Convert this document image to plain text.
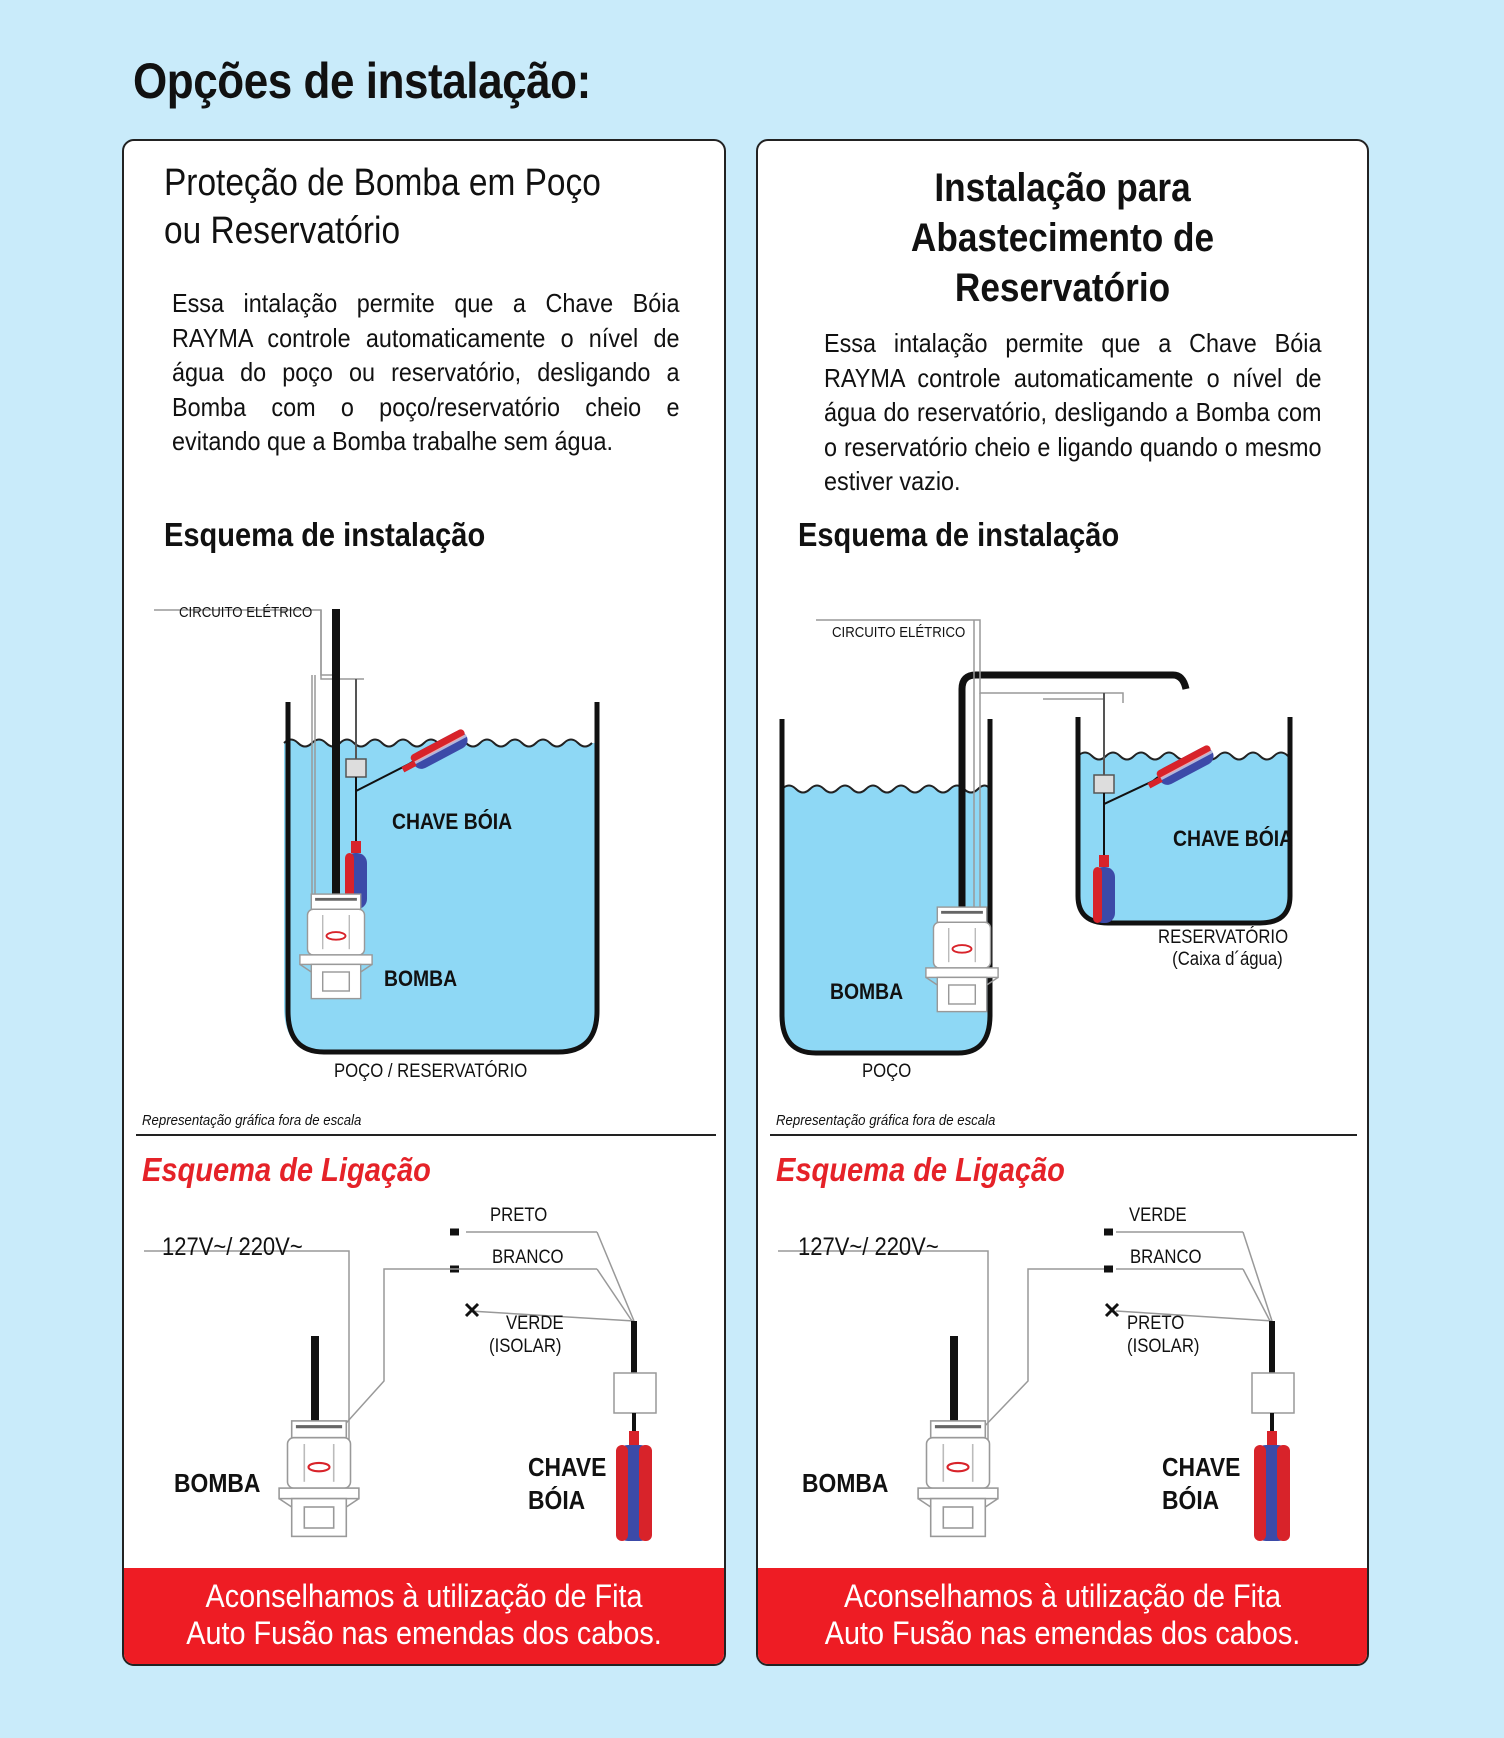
Opções de instalação:
Proteção de Bomba em Poço
ou Reservatório
Essa intalação permite que a Chave Bóia RAYMA controle automaticamente o nível de água do poço ou reservatório, desligando a Bomba com o poço/reservatório cheio e evitando que a Bomba trabalhe sem água.
Esquema de instalação
CIRCUITO ELÉTRICO
CHAVE BÓIA
BOMBA
POÇO / RESERVATÓRIO
Representação gráfica fora de escala
Esquema de Ligação
PRETO
127V~/ 220V~	BRANCO
VERDE
(ISOLAR)
BOMBA
CHAVE
BÓIA
Aconselhamos à utilização de Fita
Auto Fusão nas emendas dos cabos.
Instalação para
Abastecimento de
Reservatório
Essa intalação permite que a Chave Bóia RAYMA controle automaticamente o nível de água do reservatório, desligando a Bomba com o reservatório cheio e ligando quando o mesmo estiver vazio.
Esquema de instalação
CIRCUITO ELÉTRICO
CHAVE BÓIA
RESERVATÓRIO
(Caixa d´água)
BOMBA
POÇO
Representação gráfica fora de escala
Esquema de Ligação
VERDE
127V~/ 220V~	BRANCO
PRETO
(ISOLAR)
BOMBA
CHAVE
BÓIA
Aconselhamos à utilização de Fita
Auto Fusão nas emendas dos cabos.
